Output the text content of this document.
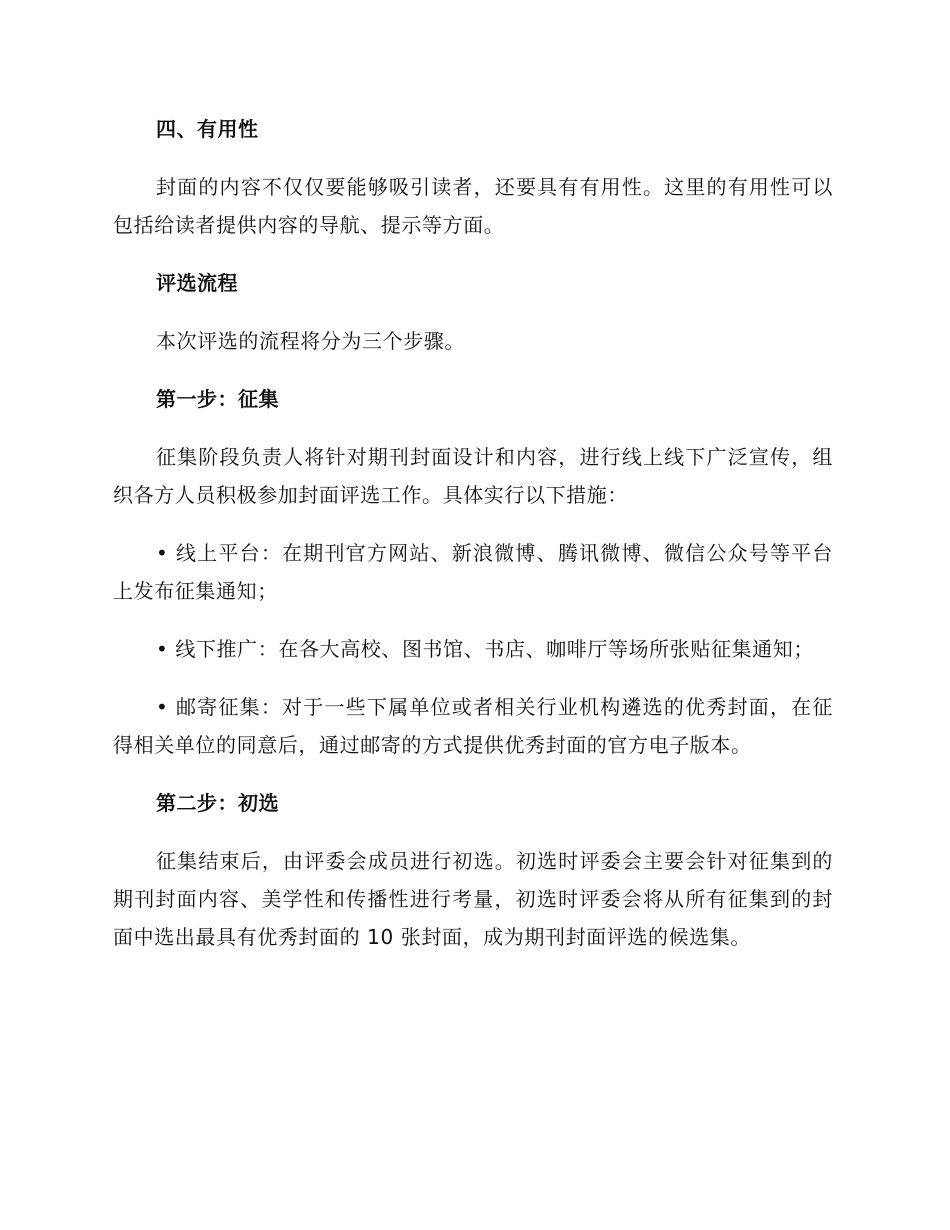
四、有用性

封面的内容不仅仅要能够吸引读者，还要具有有用性。这里的有用性可以包括给读者提供内容的导航、提示等方面。

评选流程

本次评选的流程将分为三个步骤。

第一步：征集

征集阶段负责人将针对期刊封面设计和内容，进行线上线下广泛宣传，组织各方人员积极参加封面评选工作。具体实行以下措施：

• 线上平台：在期刊官方网站、新浪微博、腾讯微博、微信公众号等平台上发布征集通知；

• 线下推广：在各大高校、图书馆、书店、咖啡厅等场所张贴征集通知；

• 邮寄征集：对于一些下属单位或者相关行业机构遴选的优秀封面，在征得相关单位的同意后，通过邮寄的方式提供优秀封面的官方电子版本。

第二步：初选

征集结束后，由评委会成员进行初选。初选时评委会主要会针对征集到的期刊封面内容、美学性和传播性进行考量，初选时评委会将从所有征集到的封面中选出最具有优秀封面的 10 张封面，成为期刊封面评选的候选集。
